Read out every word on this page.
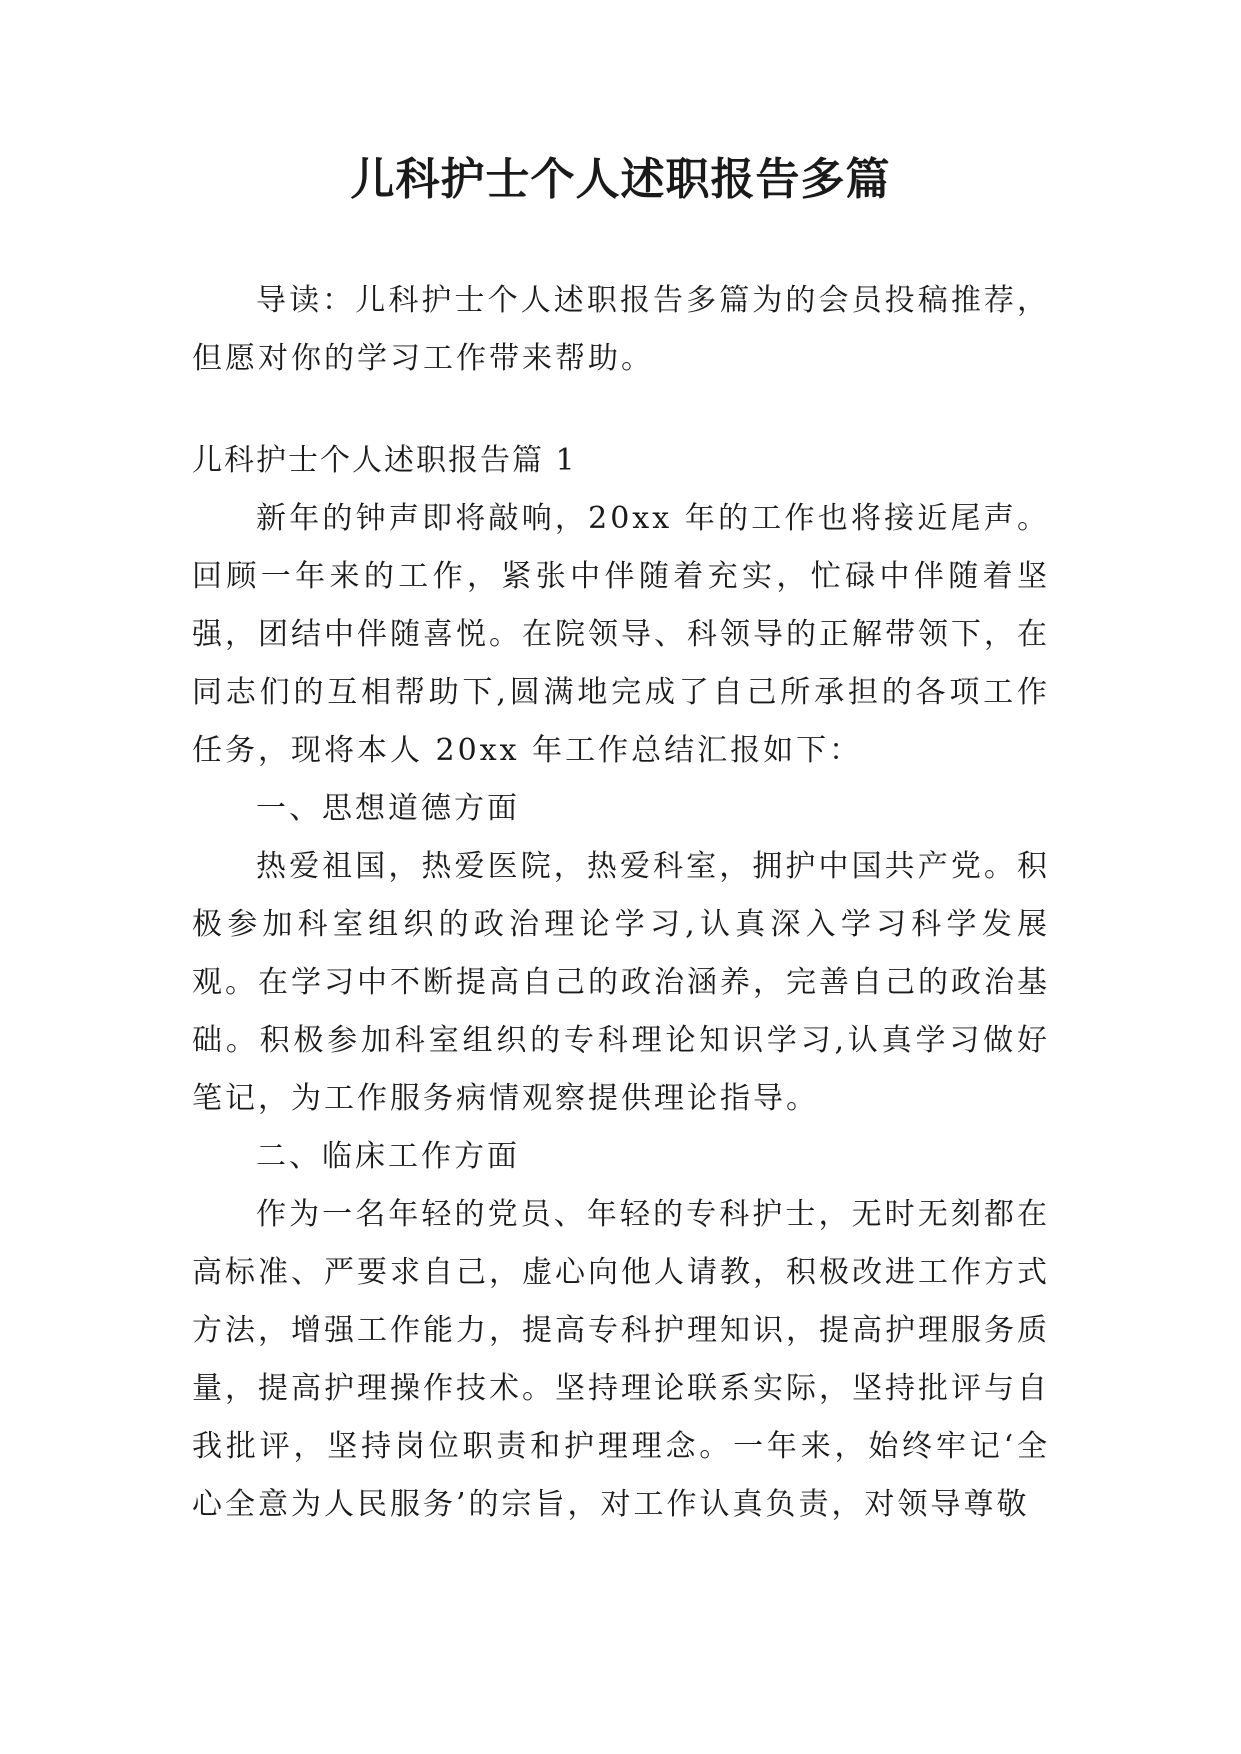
儿科护士个人述职报告多篇

导读：儿科护士个人述职报告多篇为的会员投稿推荐，但愿对你的学习工作带来帮助。

儿科护士个人述职报告篇 1

新年的钟声即将敲响，20xx 年的工作也将接近尾声。回顾一年来的工作，紧张中伴随着充实，忙碌中伴随着坚强，团结中伴随喜悦。在院领导、科领导的正解带领下，在同志们的互相帮助下,圆满地完成了自己所承担的各项工作任务，现将本人 20xx 年工作总结汇报如下：

一、思想道德方面

热爱祖国，热爱医院，热爱科室，拥护中国共产党。积极参加科室组织的政治理论学习,认真深入学习科学发展观。在学习中不断提高自己的政治涵养，完善自己的政治基础。积极参加科室组织的专科理论知识学习,认真学习做好笔记，为工作服务病情观察提供理论指导。

二、临床工作方面

作为一名年轻的党员、年轻的专科护士，无时无刻都在高标准、严要求自己，虚心向他人请教，积极改进工作方式方法，增强工作能力，提高专科护理知识，提高护理服务质量，提高护理操作技术。坚持理论联系实际，坚持批评与自我批评，坚持岗位职责和护理理念。一年来，始终牢记‘全心全意为人民服务’的宗旨，对工作认真负责，对领导尊敬
